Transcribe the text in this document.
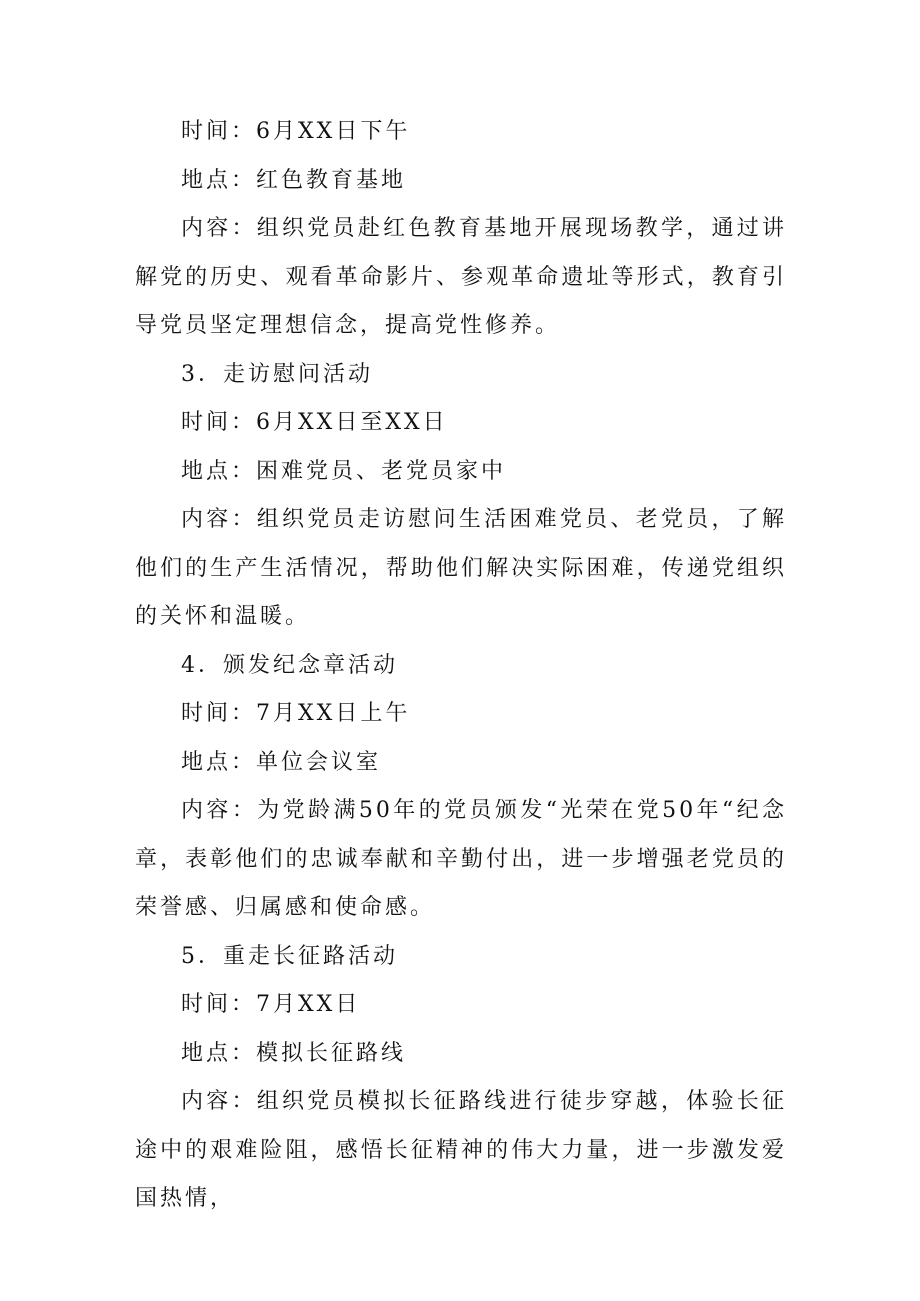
时间：6月XX日下午
地点：红色教育基地
内容：组织党员赴红色教育基地开展现场教学，通过讲解党的历史、观看革命影片、参观革命遗址等形式，教育引导党员坚定理想信念，提高党性修养。
3．走访慰问活动
时间：6月XX日至XX日
地点：困难党员、老党员家中
内容：组织党员走访慰问生活困难党员、老党员，了解他们的生产生活情况，帮助他们解决实际困难，传递党组织的关怀和温暖。
4．颁发纪念章活动
时间：7月XX日上午
地点：单位会议室
内容：为党龄满50年的党员颁发“光荣在党50年“纪念章，表彰他们的忠诚奉献和辛勤付出，进一步增强老党员的荣誉感、归属感和使命感。
5．重走长征路活动
时间：7月XX日
地点：模拟长征路线
内容：组织党员模拟长征路线进行徒步穿越，体验长征途中的艰难险阻，感悟长征精神的伟大力量，进一步激发爱国热情，
